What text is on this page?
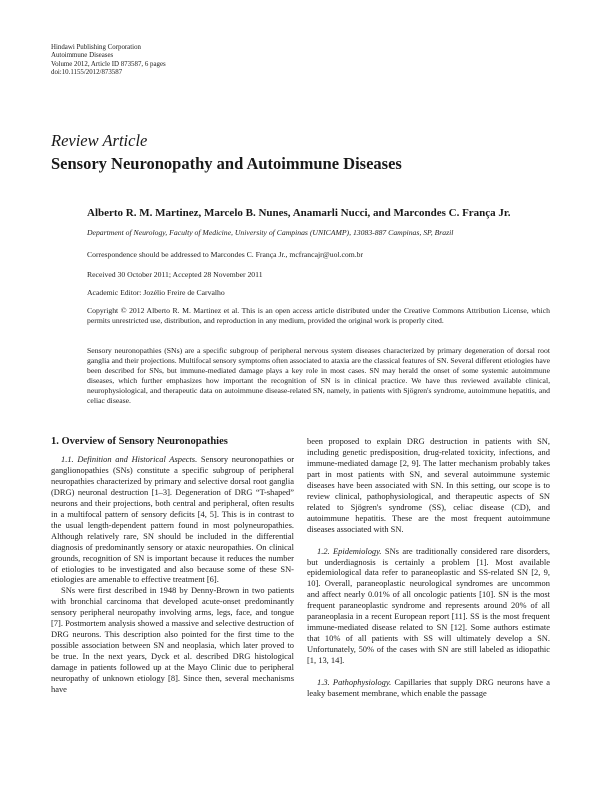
Hindawi Publishing Corporation
Autoimmune Diseases
Volume 2012, Article ID 873587, 6 pages
doi:10.1155/2012/873587
Review Article
Sensory Neuronopathy and Autoimmune Diseases
Alberto R. M. Martinez, Marcelo B. Nunes, Anamarli Nucci, and Marcondes C. França Jr.
Department of Neurology, Faculty of Medicine, University of Campinas (UNICAMP), 13083-887 Campinas, SP, Brazil
Correspondence should be addressed to Marcondes C. França Jr., mcfrancajr@uol.com.br
Received 30 October 2011; Accepted 28 November 2011
Academic Editor: Jozélio Freire de Carvalho
Copyright © 2012 Alberto R. M. Martinez et al. This is an open access article distributed under the Creative Commons Attribution License, which permits unrestricted use, distribution, and reproduction in any medium, provided the original work is properly cited.
Sensory neuronopathies (SNs) are a specific subgroup of peripheral nervous system diseases characterized by primary degeneration of dorsal root ganglia and their projections. Multifocal sensory symptoms often associated to ataxia are the classical features of SN. Several different etiologies have been described for SNs, but immune-mediated damage plays a key role in most cases. SN may herald the onset of some systemic autoimmune diseases, which further emphasizes how important the recognition of SN is in clinical practice. We have thus reviewed available clinical, neurophysiological, and therapeutic data on autoimmune disease-related SN, namely, in patients with Sjögren's syndrome, autoimmune hepatitis, and celiac disease.
1. Overview of Sensory Neuronopathies

1.1. Definition and Historical Aspects. Sensory neuronopathies or ganglionopathies (SNs) constitute a specific subgroup of peripheral neuropathies characterized by primary and selective dorsal root ganglia (DRG) neuronal destruction [1–3]. Degeneration of DRG “T-shaped” neurons and their projections, both central and peripheral, often results in a multifocal pattern of sensory deficits [4, 5]. This is in contrast to the usual length-dependent pattern found in most polyneuropathies. Although relatively rare, SN should be included in the differential diagnosis of predominantly sensory or ataxic neuropathies. On clinical grounds, recognition of SN is important because it reduces the number of etiologies to be investigated and also because some of these SN-etiologies are amenable to effective treatment [6].

SNs were first described in 1948 by Denny-Brown in two patients with bronchial carcinoma that developed acute-onset predominantly sensory peripheral neuropathy involving arms, legs, face, and tongue [7]. Postmortem analysis showed a massive and selective destruction of DRG neurons. This description also pointed for the first time to the possible association between SN and neoplasia, which later proved to be true. In the next years, Dyck et al. described DRG histological damage in patients followed up at the Mayo Clinic due to peripheral neuropathy of unknown etiology [8]. Since then, several mechanisms have

been proposed to explain DRG destruction in patients with SN, including genetic predisposition, drug-related toxicity, infections, and immune-mediated damage [2, 9]. The latter mechanism probably takes part in most patients with SN, and several autoimmune systemic diseases have been associated with SN. In this setting, our scope is to review clinical, pathophysiological, and therapeutic aspects of SN related to Sjögren's syndrome (SS), celiac disease (CD), and autoimmune hepatitis. These are the most frequent autoimmune diseases associated with SN.

1.2. Epidemiology. SNs are traditionally considered rare disorders, but underdiagnosis is certainly a problem [1]. Most available epidemiological data refer to paraneoplastic and SS-related SN [2, 9, 10]. Overall, paraneoplastic neurological syndromes are uncommon and affect nearly 0.01% of all oncologic patients [10]. SN is the most frequent paraneoplastic syndrome and represents around 20% of all paraneoplasia in a recent European report [11]. SS is the most frequent immune-mediated disease related to SN [12]. Some authors estimate that 10% of all patients with SS will ultimately develop a SN. Unfortunately, 50% of the cases with SN are still labeled as idiopathic [1, 13, 14].

1.3. Pathophysiology. Capillaries that supply DRG neurons have a leaky basement membrane, which enable the passage
